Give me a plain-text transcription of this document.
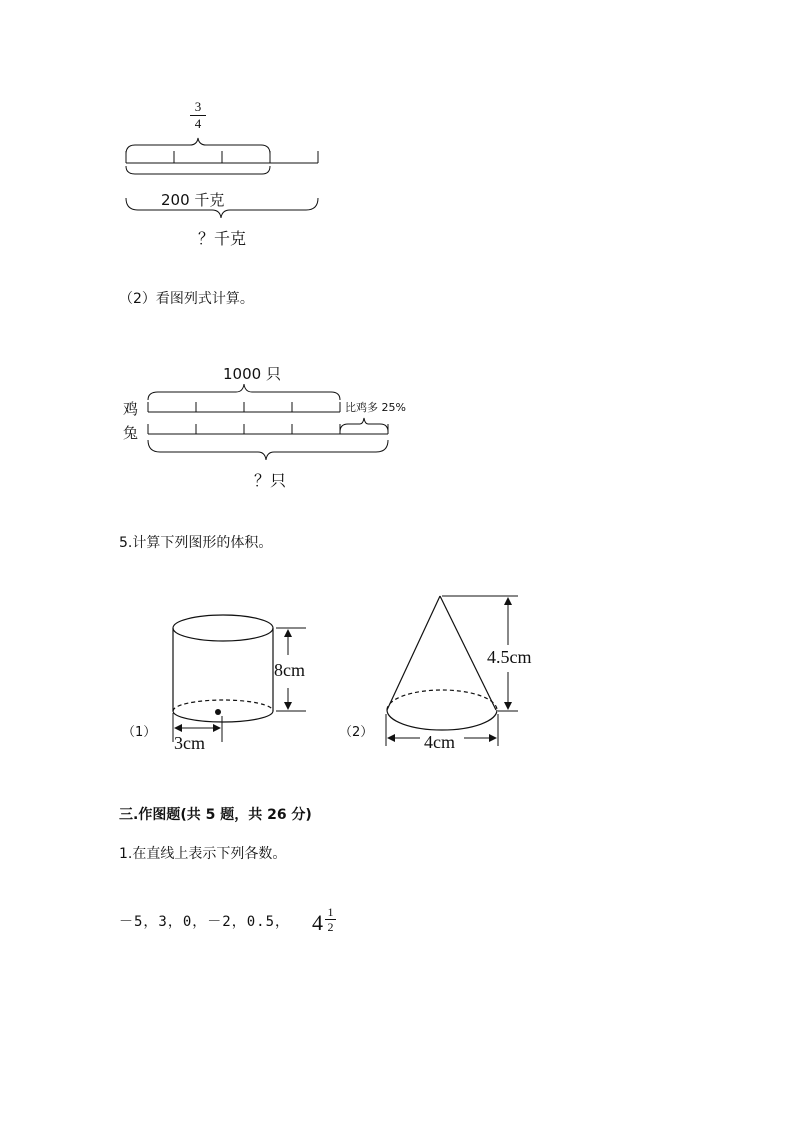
3
4
200 千克
？千克
（2）看图列式计算。
1000 只
鸡
兔
比鸡多 25%
？只
5.计算下列图形的体积。
（1）
8cm
3cm
（2）
4.5cm
4cm
三.作图题(共 5 题，共 26 分)
1.在直线上表示下列各数。
－5，3，0，－2，0.5， 4 1
2
